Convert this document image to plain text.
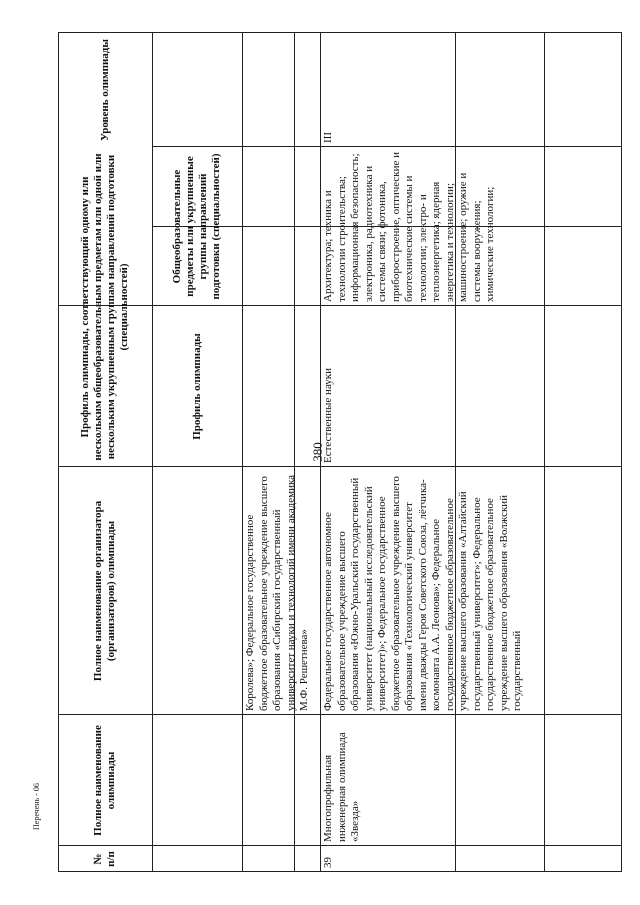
380
Перечень - 06
№ п/п
Полное наименование олимпиады
Полное наименование организатора (организаторов) олимпиады
Профиль олимпиады, соответствующий одному или нескольким общеобразовательным предметам или одной или нескольким укрупненным группам направлений подготовки (специальностей)
Уровень олимпиады
Профиль олимпиады
Общеобразовательные предметы или укрупненные группы направлений подготовки (специальностей)
Королева»; Федеральное государственное бюджетное образовательное учреждение высшего образования «Сибирский государственный университет науки и технологий имени академика М.Ф. Решетнева»
39
Многопрофильная инженерная олимпиада «Звезда»
Федеральное государственное автономное образовательное учреждение высшего образования «Южно-Уральский государственный университет (национальный исследовательский университет)»; Федеральное государственное бюджетное образовательное учреждение высшего образования «Технологический университет имени дважды Героя Советского Союза, лётчика-космонавта А.А. Леонова»; Федеральное государственное бюджетное образовательное учреждение высшего образования «Алтайский государственный университет»; Федеральное государственное бюджетное образовательное учреждение высшего образования «Волжский государственный
Естественные науки
Архитектура; техника и технологии строительства; информационная безопасность; электроника, радиотехника и системы связи; фотоника, приборостроение, оптические и биотехнические системы и технологии; электро- и теплоэнергетика; ядерная энергетика и технологии; машиностроение; оружие и системы вооружения; химические технологии;
III
